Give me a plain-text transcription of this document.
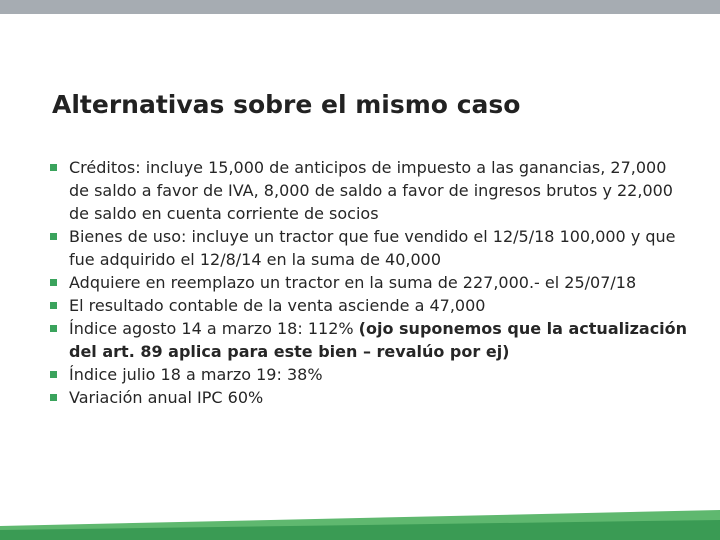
Alternativas sobre el mismo caso
Créditos: incluye 15,000 de anticipos de impuesto a las ganancias, 27,000 de saldo a favor de IVA, 8,000 de saldo a favor de ingresos brutos y 22,000 de saldo en cuenta corriente de socios
Bienes de uso: incluye un tractor que fue vendido el 12/5/18 100,000 y que fue adquirido el 12/8/14 en la suma de 40,000
Adquiere en reemplazo un tractor en la suma de 227,000.- el 25/07/18
El resultado contable de la venta asciende a 47,000
Índice agosto 14 a marzo 18: 112% (ojo suponemos que la actualización del art. 89 aplica para este bien – revalúo por ej)
Índice julio 18 a marzo 19: 38%
Variación anual IPC 60%
